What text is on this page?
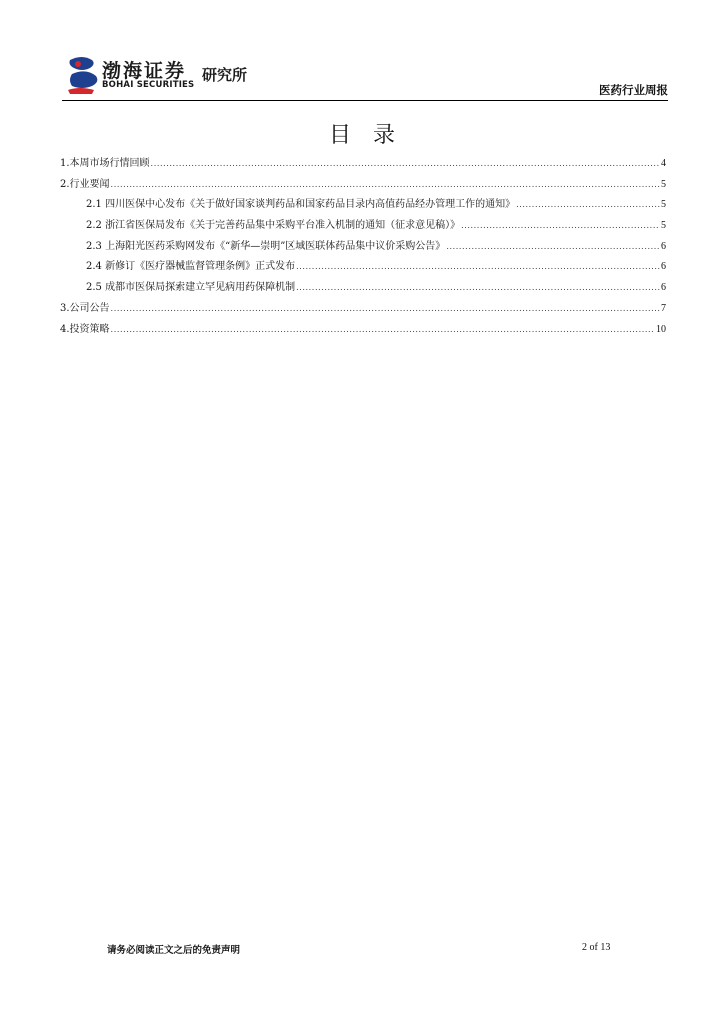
渤海证券
BOHAI SECURITIES
研究所
医药行业周报
目录
1.本周市场行情回顾 .....	4
2.行业要闻 .....	5
2.1 四川医保中心发布《关于做好国家谈判药品和国家药品目录内高值药品经办管理工作的通知》 .....	5
2.2 浙江省医保局发布《关于完善药品集中采购平台准入机制的通知（征求意见稿）》 .....	5
2.3 上海阳光医药采购网发布《“新华—崇明”区域医联体药品集中议价采购公告》 .....	6
2.4 新修订《医疗器械监督管理条例》正式发布 .....	6
2.5 成都市医保局探索建立罕见病用药保障机制 .....	6
3.公司公告 .....	7
4.投资策略 .....	10
请务必阅读正文之后的免责声明	2 of 13
